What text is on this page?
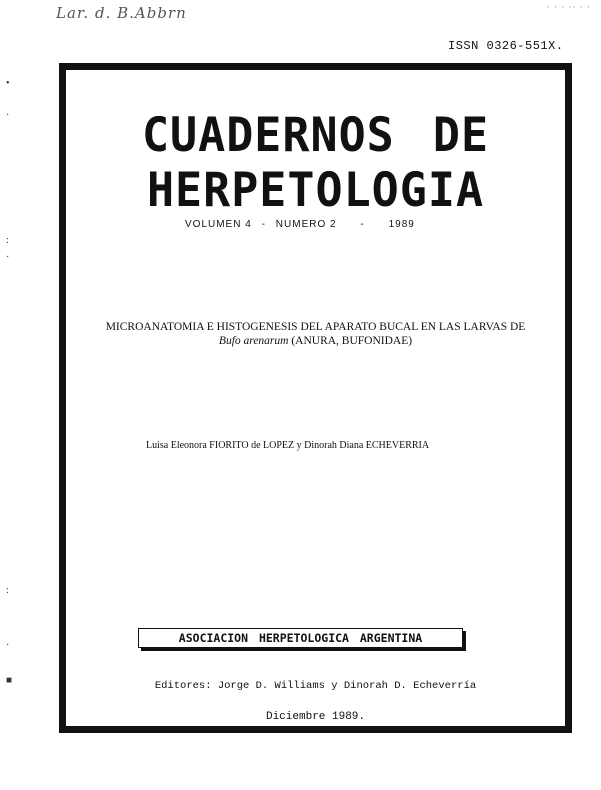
Lar. d. B.Abbrn	· · · ·· · ·
ISSN 0326-551X.
•
·
:
·
:
·
■
CUADERNOS DE
HERPETOLOGIA
VOLUMEN 4 - NUMERO 2	-	1989
MICROANATOMIA E HISTOGENESIS DEL APARATO BUCAL EN LAS LARVAS DE
Bufo arenarum (ANURA, BUFONIDAE)
Luisa Eleonora FIORITO de LOPEZ y Dinorah Diana ECHEVERRIA
ASOCIACION HERPETOLOGICA ARGENTINA
Editores: Jorge D. Williams y Dinorah D. Echeverría
Diciembre 1989.
